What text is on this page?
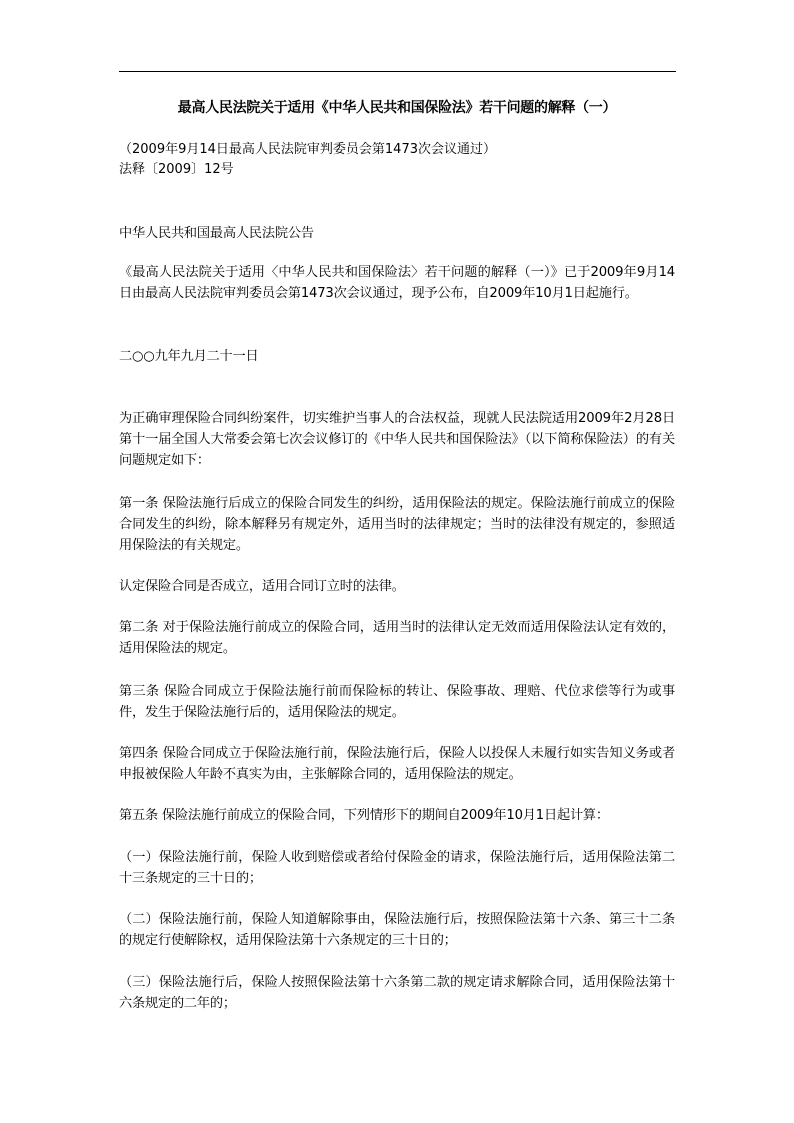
最高人民法院关于适用《中华人民共和国保险法》若干问题的解释（一）
（2009年9月14日最高人民法院审判委员会第1473次会议通过）
法释〔2009〕12号
中华人民共和国最高人民法院公告
《最高人民法院关于适用〈中华人民共和国保险法〉若干问题的解释（一）》已于2009年9月14日由最高人民法院审判委员会第1473次会议通过，现予公布，自2009年10月1日起施行。
二○○九年九月二十一日
为正确审理保险合同纠纷案件，切实维护当事人的合法权益，现就人民法院适用2009年2月28日第十一届全国人大常委会第七次会议修订的《中华人民共和国保险法》（以下简称保险法）的有关问题规定如下：
第一条 保险法施行后成立的保险合同发生的纠纷，适用保险法的规定。保险法施行前成立的保险合同发生的纠纷，除本解释另有规定外，适用当时的法律规定；当时的法律没有规定的，参照适用保险法的有关规定。
认定保险合同是否成立，适用合同订立时的法律。
第二条 对于保险法施行前成立的保险合同，适用当时的法律认定无效而适用保险法认定有效的，适用保险法的规定。
第三条 保险合同成立于保险法施行前而保险标的转让、保险事故、理赔、代位求偿等行为或事件，发生于保险法施行后的，适用保险法的规定。
第四条 保险合同成立于保险法施行前，保险法施行后，保险人以投保人未履行如实告知义务或者申报被保险人年龄不真实为由，主张解除合同的，适用保险法的规定。
第五条 保险法施行前成立的保险合同，下列情形下的期间自2009年10月1日起计算：
（一）保险法施行前，保险人收到赔偿或者给付保险金的请求，保险法施行后，适用保险法第二十三条规定的三十日的；
（二）保险法施行前，保险人知道解除事由，保险法施行后，按照保险法第十六条、第三十二条的规定行使解除权，适用保险法第十六条规定的三十日的；
（三）保险法施行后，保险人按照保险法第十六条第二款的规定请求解除合同，适用保险法第十六条规定的二年的；
